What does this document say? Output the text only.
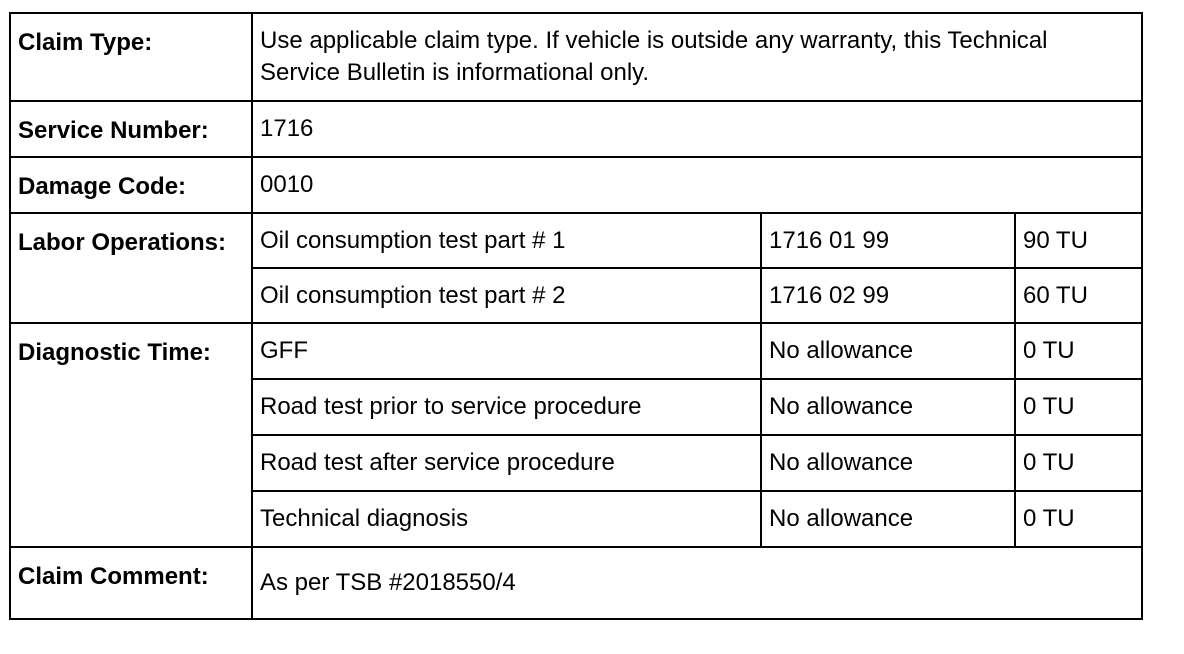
Claim Type:	Use applicable claim type. If vehicle is outside any warranty, this Technical Service Bulletin is informational only.		
Service Number:	1716		
Damage Code:	0010		
Labor Operations:	Oil consumption test part # 1	1716 01 99	90 TU
	Oil consumption test part # 2	1716 02 99	60 TU
Diagnostic Time:	GFF	No allowance	0 TU
	Road test prior to service procedure	No allowance	0 TU
	Road test after service procedure	No allowance	0 TU
	Technical diagnosis	No allowance	0 TU
Claim Comment:	As per TSB #2018550/4		
